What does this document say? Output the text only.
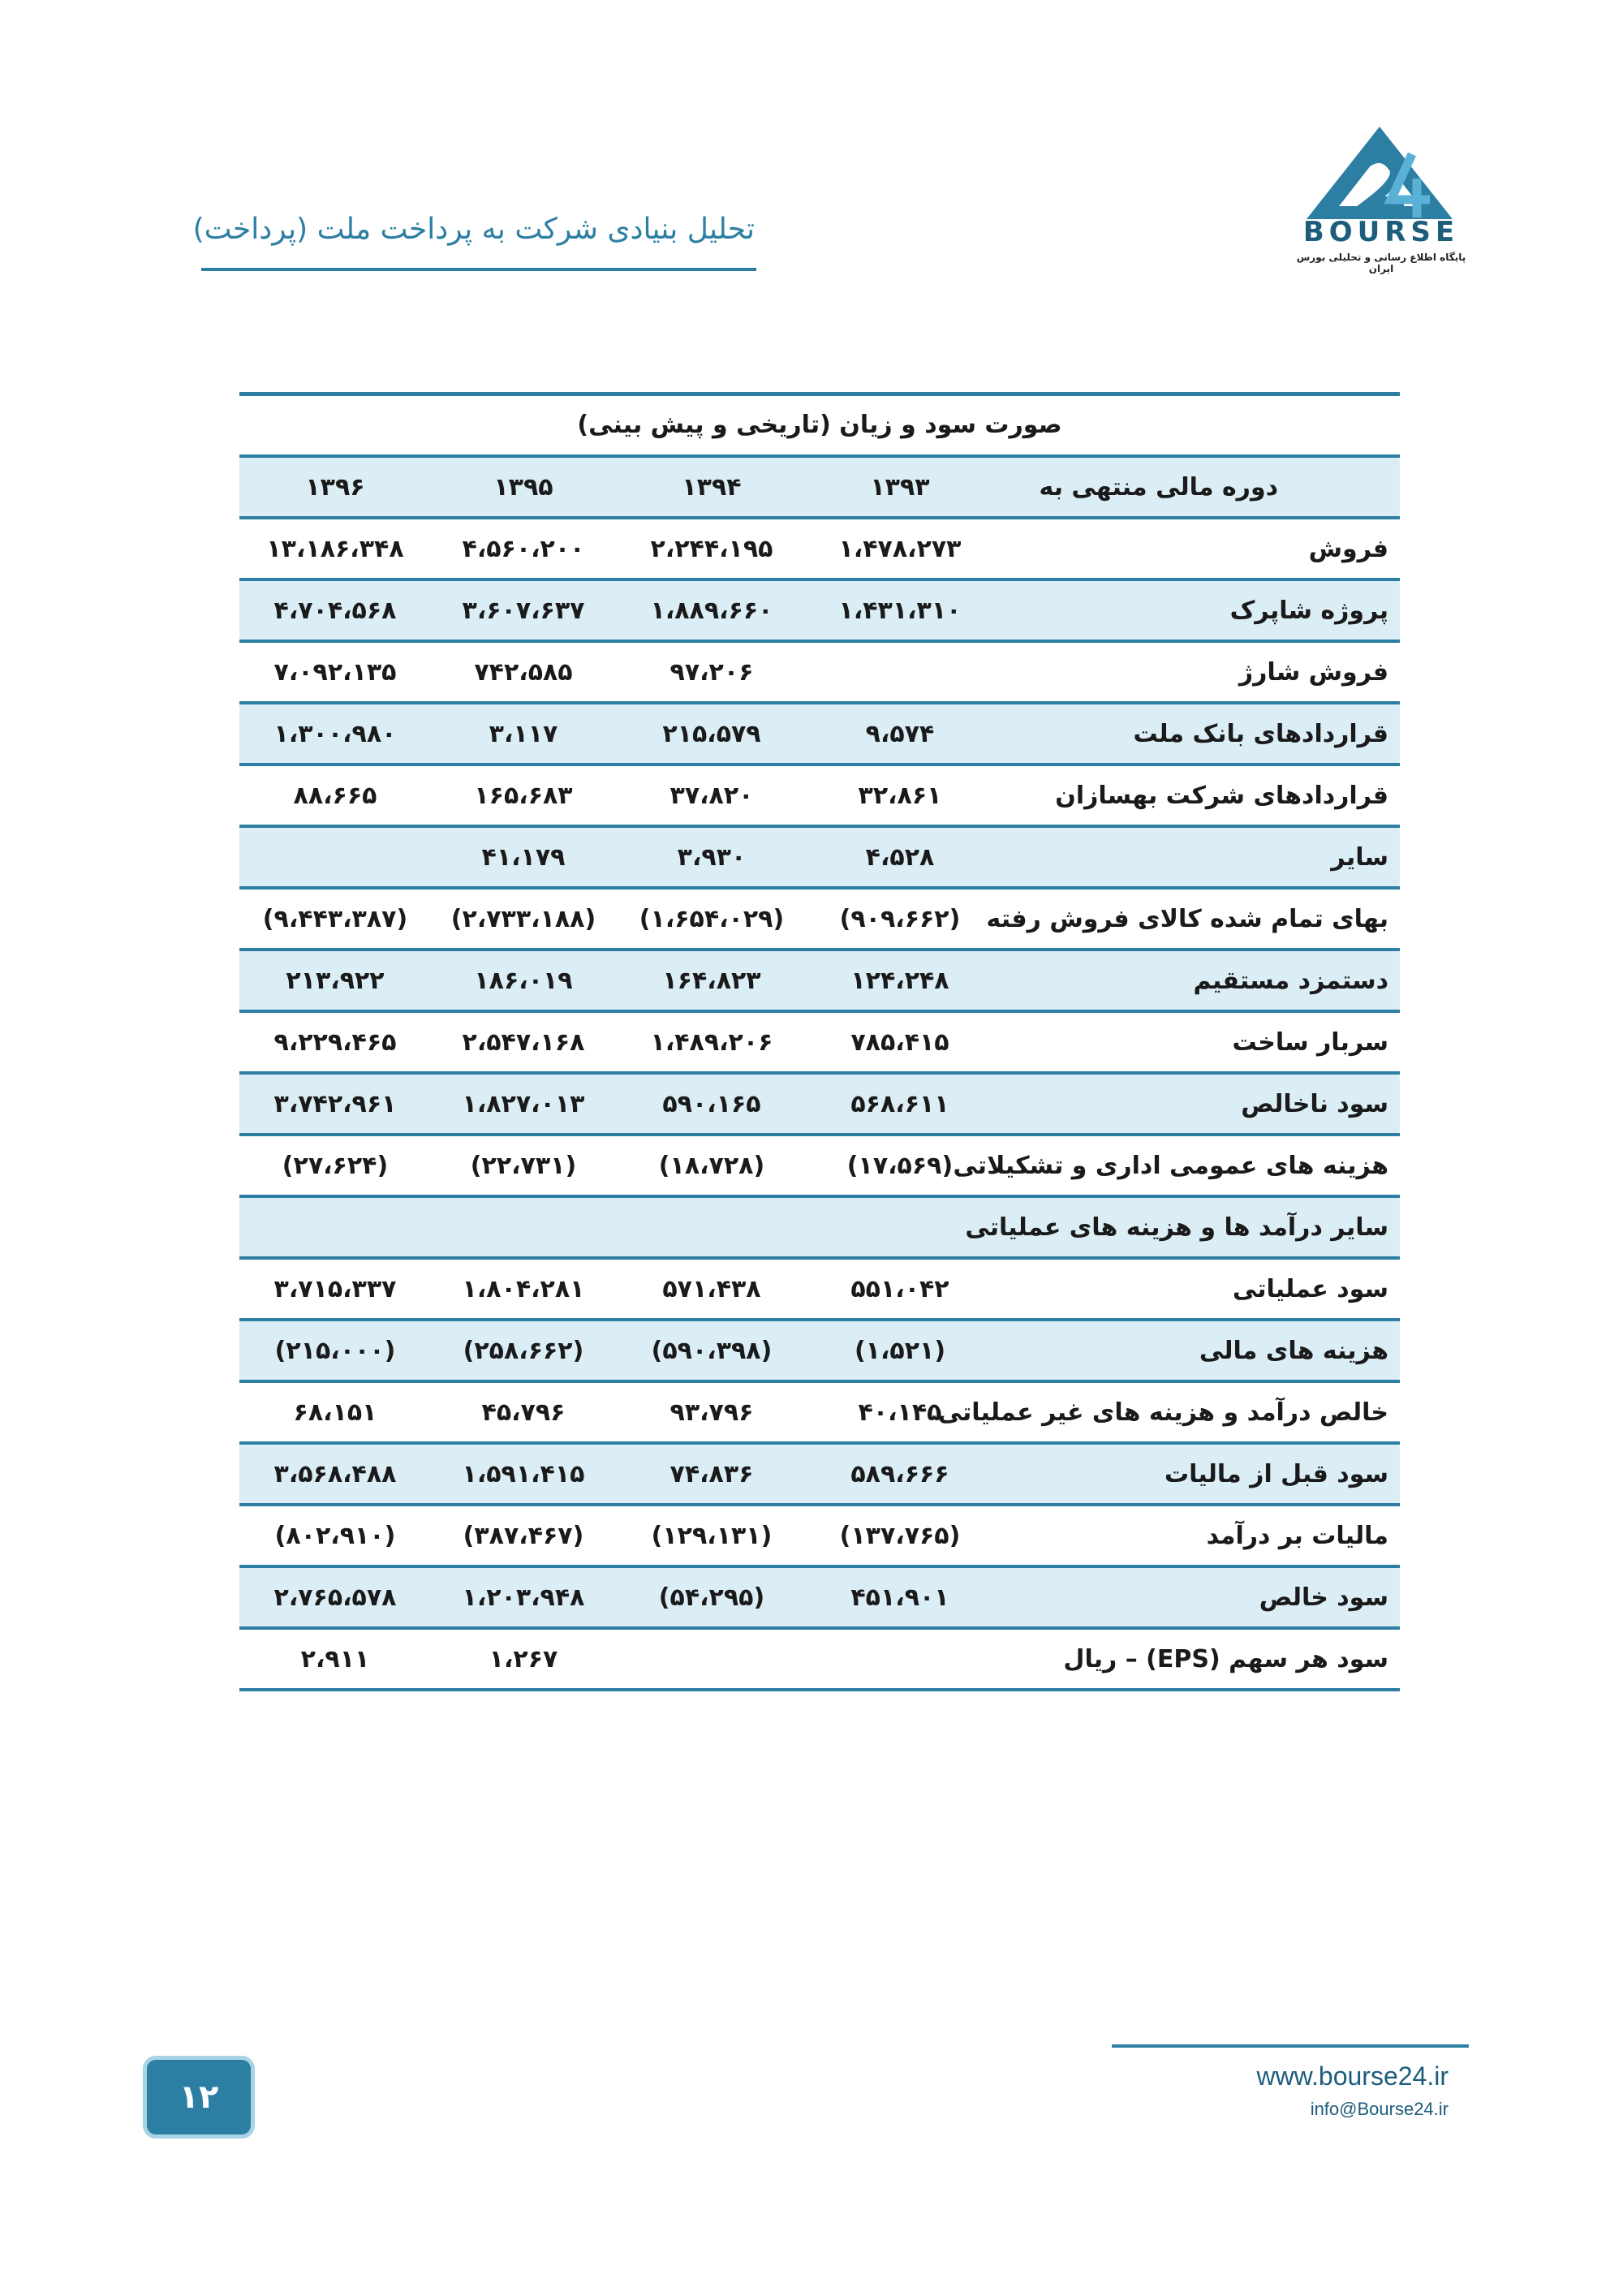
تحلیل بنیادی شرکت به پرداخت ملت (پرداخت)	BOURSE
پایگاه اطلاع رسانی و تحلیلی بورس ایران
صورت سود و زیان (تاریخی و پیش بینی)
دوره مالی منتهی به
۱۳۹۳
۱۳۹۴
۱۳۹۵
۱۳۹۶
فروش
۱،۴۷۸،۲۷۳
۲،۲۴۴،۱۹۵
۴،۵۶۰،۲۰۰
۱۳،۱۸۶،۳۴۸
پروژه شاپرک
۱،۴۳۱،۳۱۰
۱،۸۸۹،۶۶۰
۳،۶۰۷،۶۳۷
۴،۷۰۴،۵۶۸
فروش شارژ
۹۷،۲۰۶
۷۴۲،۵۸۵
۷،۰۹۲،۱۳۵
قراردادهای بانک ملت
۹،۵۷۴
۲۱۵،۵۷۹
۳،۱۱۷
۱،۳۰۰،۹۸۰
قراردادهای شرکت بهسازان
۳۲،۸۶۱
۳۷،۸۲۰
۱۶۵،۶۸۳
۸۸،۶۶۵
سایر
۴،۵۲۸
۳،۹۳۰
۴۱،۱۷۹
بهای تمام شده کالای فروش رفته
(۹۰۹،۶۶۲)
(۱،۶۵۴،۰۲۹)
(۲،۷۳۳،۱۸۸)
(۹،۴۴۳،۳۸۷)
دستمزد مستقیم
۱۲۴،۲۴۸
۱۶۴،۸۲۳
۱۸۶،۰۱۹
۲۱۳،۹۲۲
سربار ساخت
۷۸۵،۴۱۵
۱،۴۸۹،۲۰۶
۲،۵۴۷،۱۶۸
۹،۲۲۹،۴۶۵
سود ناخالص
۵۶۸،۶۱۱
۵۹۰،۱۶۵
۱،۸۲۷،۰۱۳
۳،۷۴۲،۹۶۱
هزینه های عمومی اداری و تشکیلاتی
(۱۷،۵۶۹)
(۱۸،۷۲۸)
(۲۲،۷۳۱)
(۲۷،۶۲۴)
سایر درآمد ها و هزینه های عملیاتی
سود عملیاتی
۵۵۱،۰۴۲
۵۷۱،۴۳۸
۱،۸۰۴،۲۸۱
۳،۷۱۵،۳۳۷
هزینه های مالی
(۱،۵۲۱)
(۵۹۰،۳۹۸)
(۲۵۸،۶۶۲)
(۲۱۵،۰۰۰)
خالص درآمد و هزینه های غیر عملیاتی
۴۰،۱۴۵
۹۳،۷۹۶
۴۵،۷۹۶
۶۸،۱۵۱
سود قبل از مالیات
۵۸۹،۶۶۶
۷۴،۸۳۶
۱،۵۹۱،۴۱۵
۳،۵۶۸،۴۸۸
مالیات بر درآمد
(۱۳۷،۷۶۵)
(۱۲۹،۱۳۱)
(۳۸۷،۴۶۷)
(۸۰۲،۹۱۰)
سود خالص
۴۵۱،۹۰۱
(۵۴،۲۹۵)
۱،۲۰۳،۹۴۸
۲،۷۶۵،۵۷۸
سود هر سهم (EPS) – ریال
۱،۲۶۷
۲،۹۱۱
www.bourse24.ir
info@Bourse24.ir
۱۲
